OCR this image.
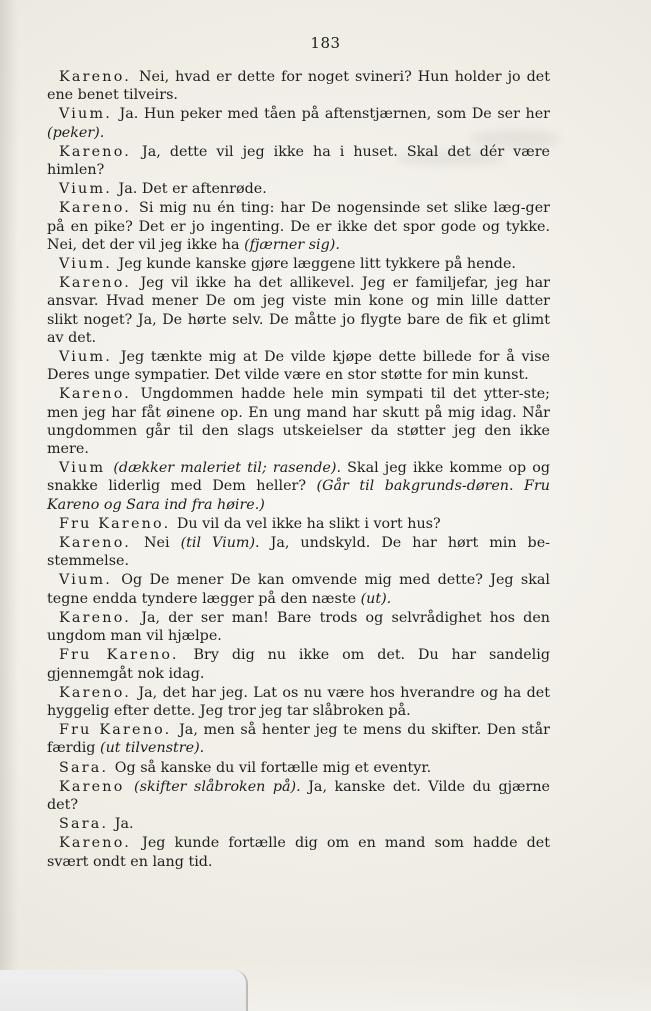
183

Kareno. Nei, hvad er dette for noget svineri? Hun holder jo det ene benet tilveirs.

Vium. Ja. Hun peker med tåen på aftenstjærnen, som De ser her (peker).

Kareno. Ja, dette vil jeg ikke ha i huset. Skal det dér være himlen?

Vium. Ja. Det er aftenrøde.

Kareno. Si mig nu én ting: har De nogensinde set slike læg-ger på en pike? Det er jo ingenting. De er ikke det spor gode og tykke. Nei, det der vil jeg ikke ha (fjærner sig).

Vium. Jeg kunde kanske gjøre læggene litt tykkere på hende.

Kareno. Jeg vil ikke ha det allikevel. Jeg er familjefar, jeg har ansvar. Hvad mener De om jeg viste min kone og min lille datter slikt noget? Ja, De hørte selv. De måtte jo flygte bare de fik et glimt av det.

Vium. Jeg tænkte mig at De vilde kjøpe dette billede for å vise Deres unge sympatier. Det vilde være en stor støtte for min kunst.

Kareno. Ungdommen hadde hele min sympati til det ytter-ste; men jeg har fåt øinene op. En ung mand har skutt på mig idag. Når ungdommen går til den slags utskeielser da støtter jeg den ikke mere.

Vium (dækker maleriet til; rasende). Skal jeg ikke komme op og snakke liderlig med Dem heller? (Går til bakgrunds-døren. Fru Kareno og Sara ind fra høire.)

Fru Kareno. Du vil da vel ikke ha slikt i vort hus?

Kareno. Nei (til Vium). Ja, undskyld. De har hørt min be-stemmelse.

Vium. Og De mener De kan omvende mig med dette? Jeg skal tegne endda tyndere lægger på den næste (ut).

Kareno. Ja, der ser man! Bare trods og selvrådighet hos den ungdom man vil hjælpe.

Fru Kareno. Bry dig nu ikke om det. Du har sandelig gjennemgåt nok idag.

Kareno. Ja, det har jeg. Lat os nu være hos hverandre og ha det hyggelig efter dette. Jeg tror jeg tar slåbroken på.

Fru Kareno. Ja, men så henter jeg te mens du skifter. Den står færdig (ut tilvenstre).

Sara. Og så kanske du vil fortælle mig et eventyr.

Kareno (skifter slåbroken på). Ja, kanske det. Vilde du gjærne det?

Sara. Ja.

Kareno. Jeg kunde fortælle dig om en mand som hadde det svært ondt en lang tid.
